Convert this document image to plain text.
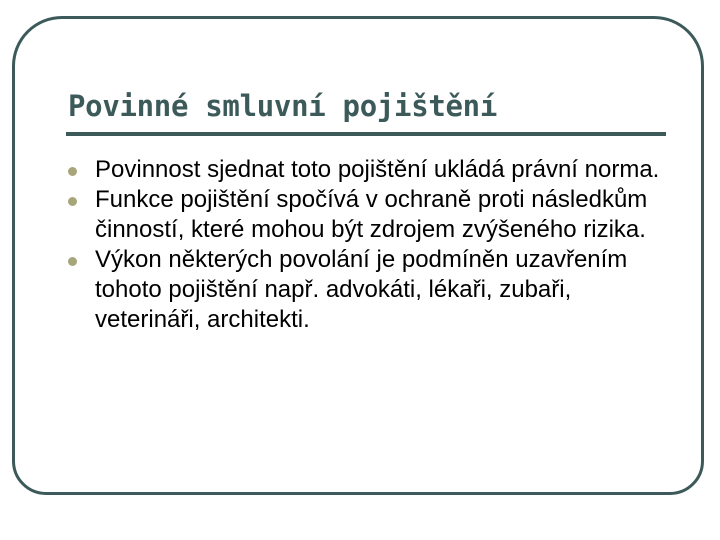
Povinné smluvní pojištění
Povinnost sjednat toto pojištění ukládá právní norma.
Funkce pojištění spočívá v ochraně proti následkům činností, které mohou být zdrojem zvýšeného rizika.
Výkon některých povolání je podmíněn uzavřením tohoto pojištění např. advokáti, lékaři, zubaři, veterináři, architekti.
